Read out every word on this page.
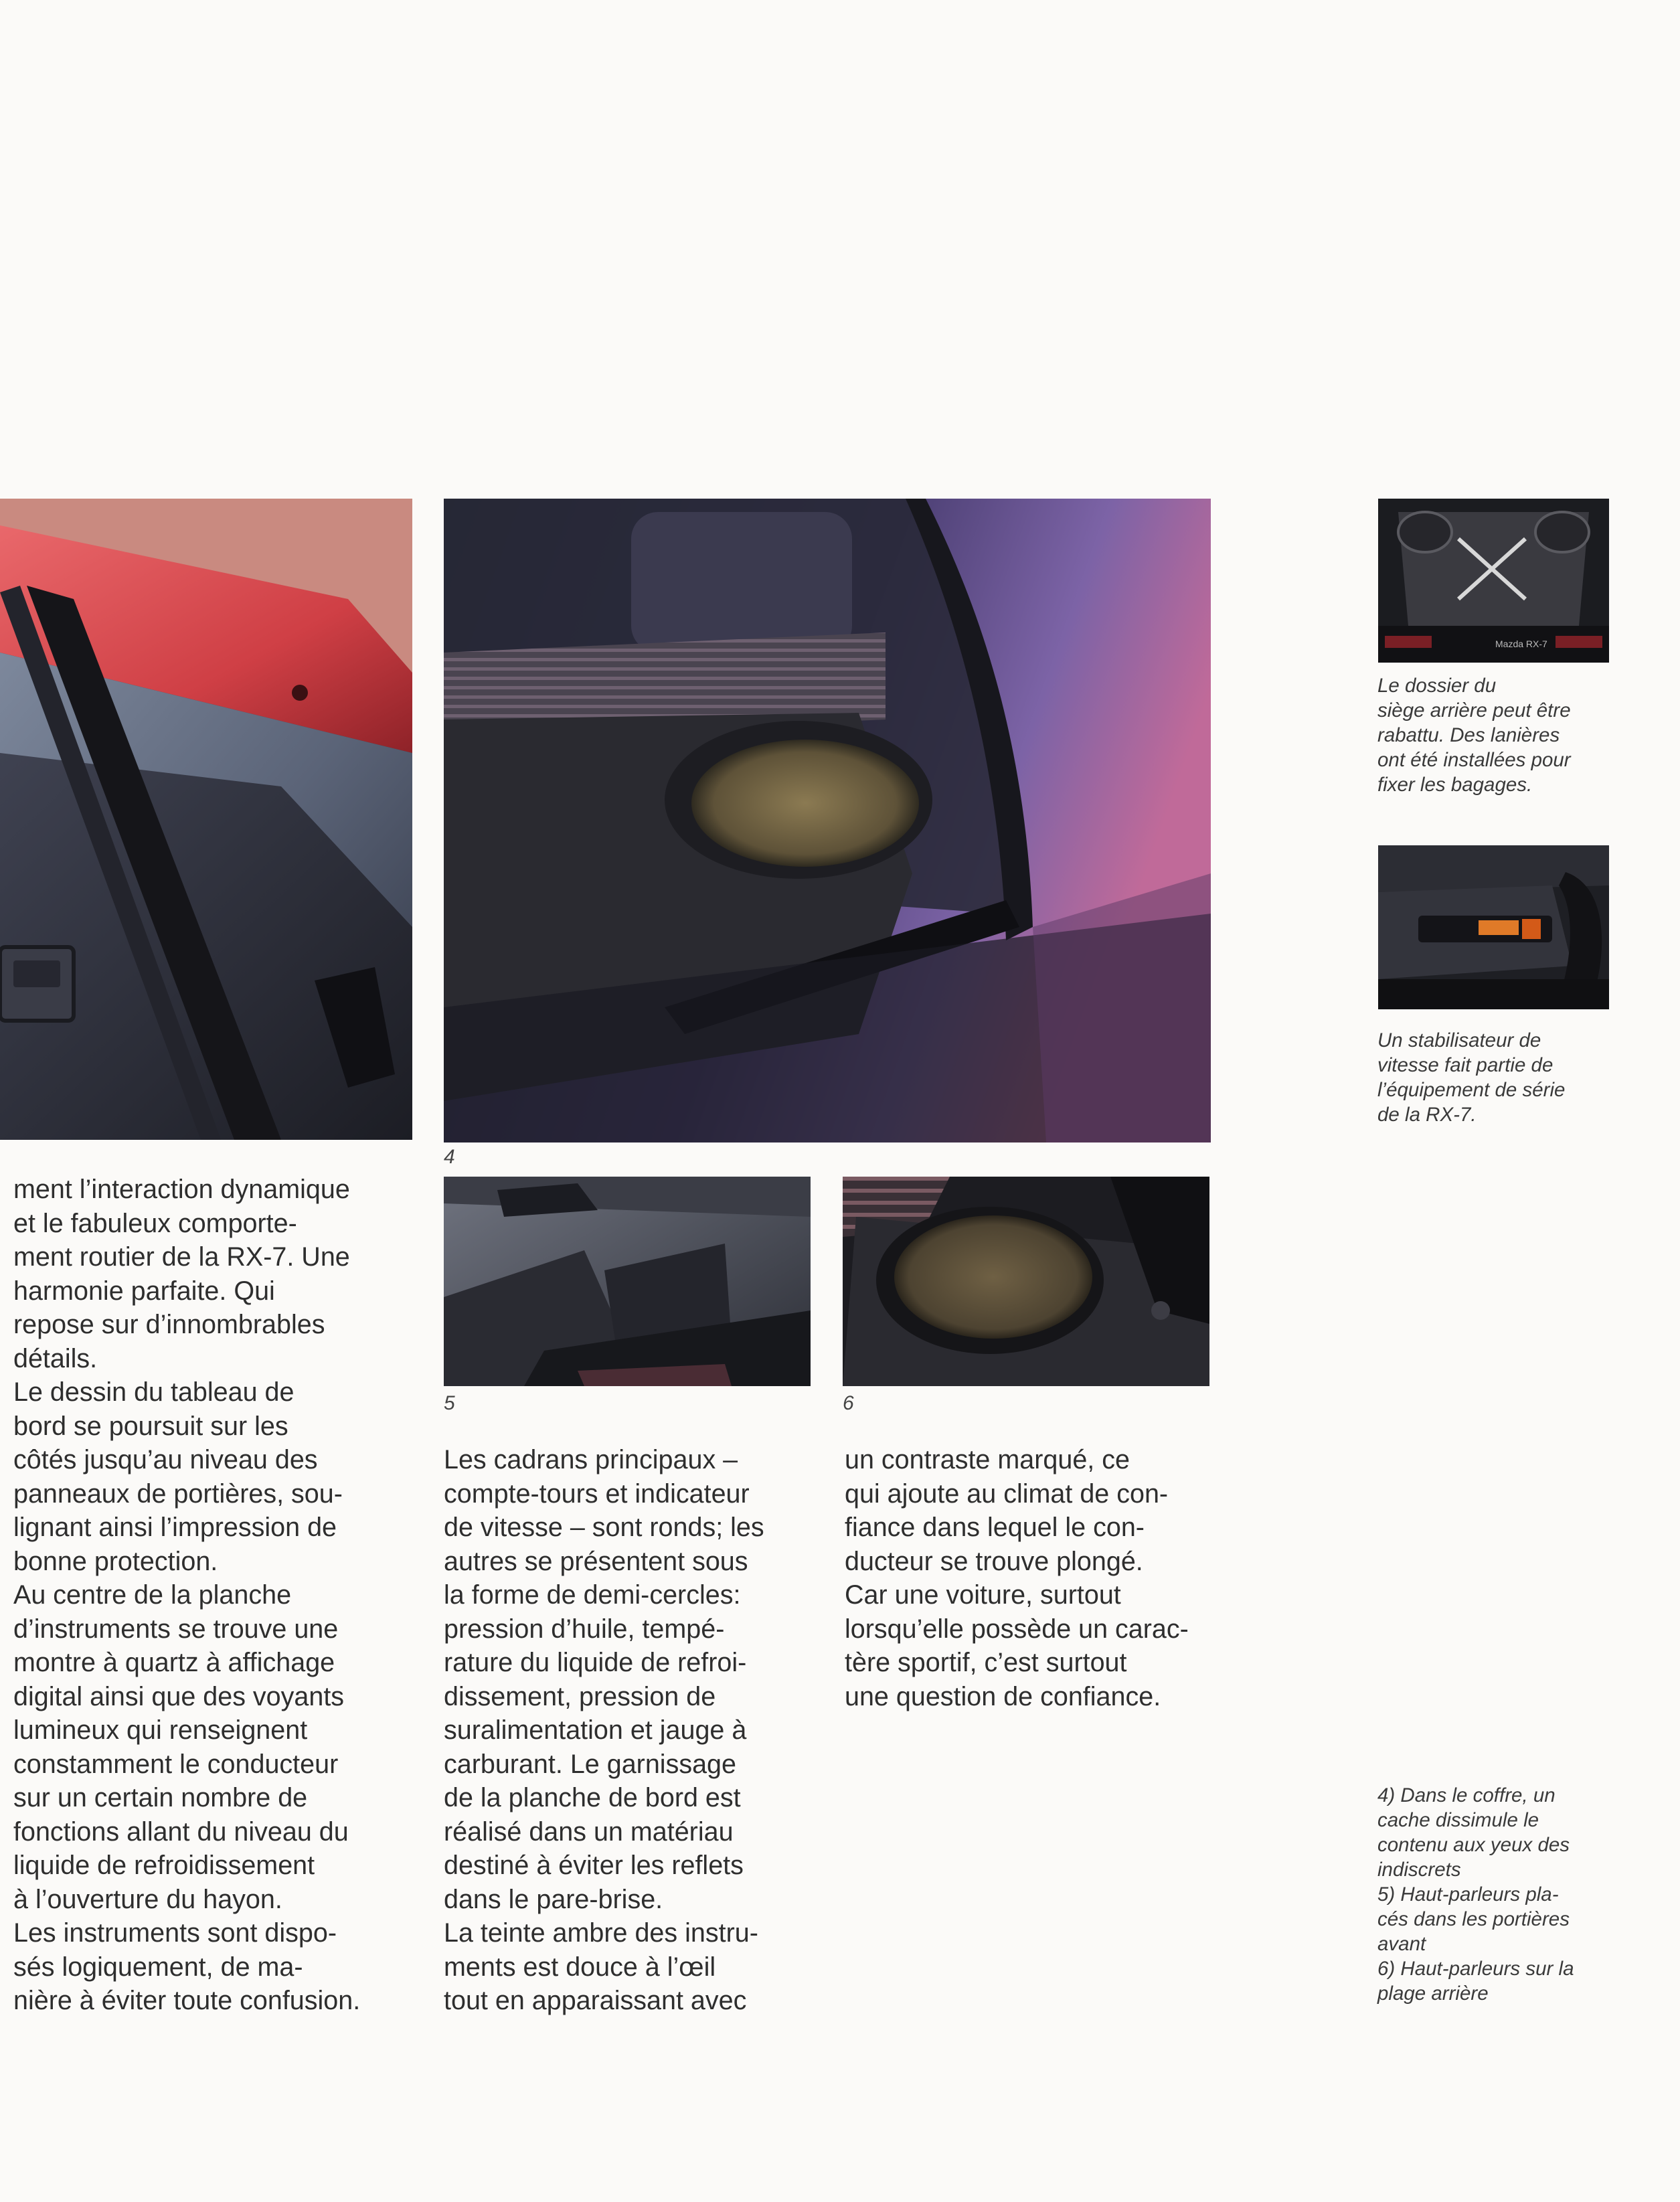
4
Mazda RX-7
Le dossier du
siège arrière peut être
rabattu. Des lanières
ont été installées pour
fixer les bagages.
Un stabilisateur de
vitesse fait partie de
l’équipement de série
de la RX-7.
5	6
ment l’interaction dynamique
et le fabuleux comporte-
ment routier de la RX-7. Une
harmonie parfaite. Qui
repose sur d’innombrables
détails.
Le dessin du tableau de
bord se poursuit sur les
côtés jusqu’au niveau des
panneaux de portières, sou-
lignant ainsi l’impression de
bonne protection.
Au centre de la planche
d’instruments se trouve une
montre à quartz à affichage
digital ainsi que des voyants
lumineux qui renseignent
constamment le conducteur
sur un certain nombre de
fonctions allant du niveau du
liquide de refroidissement
à l’ouverture du hayon.
Les instruments sont dispo-
sés logiquement, de ma-
nière à éviter toute confusion.
Les cadrans principaux –
compte-tours et indicateur
de vitesse – sont ronds; les
autres se présentent sous
la forme de demi-cercles:
pression d’huile, tempé-
rature du liquide de refroi-
dissement, pression de
suralimentation et jauge à
carburant. Le garnissage
de la planche de bord est
réalisé dans un matériau
destiné à éviter les reflets
dans le pare-brise.
La teinte ambre des instru-
ments est douce à l’œil
tout en apparaissant avec
un contraste marqué, ce
qui ajoute au climat de con-
fiance dans lequel le con-
ducteur se trouve plongé.
Car une voiture, surtout
lorsqu’elle possède un carac-
tère sportif, c’est surtout
une question de confiance.
4) Dans le coffre, un
cache dissimule le
contenu aux yeux des
indiscrets
5) Haut-parleurs pla-
cés dans les portières
avant
6) Haut-parleurs sur la
plage arrière
